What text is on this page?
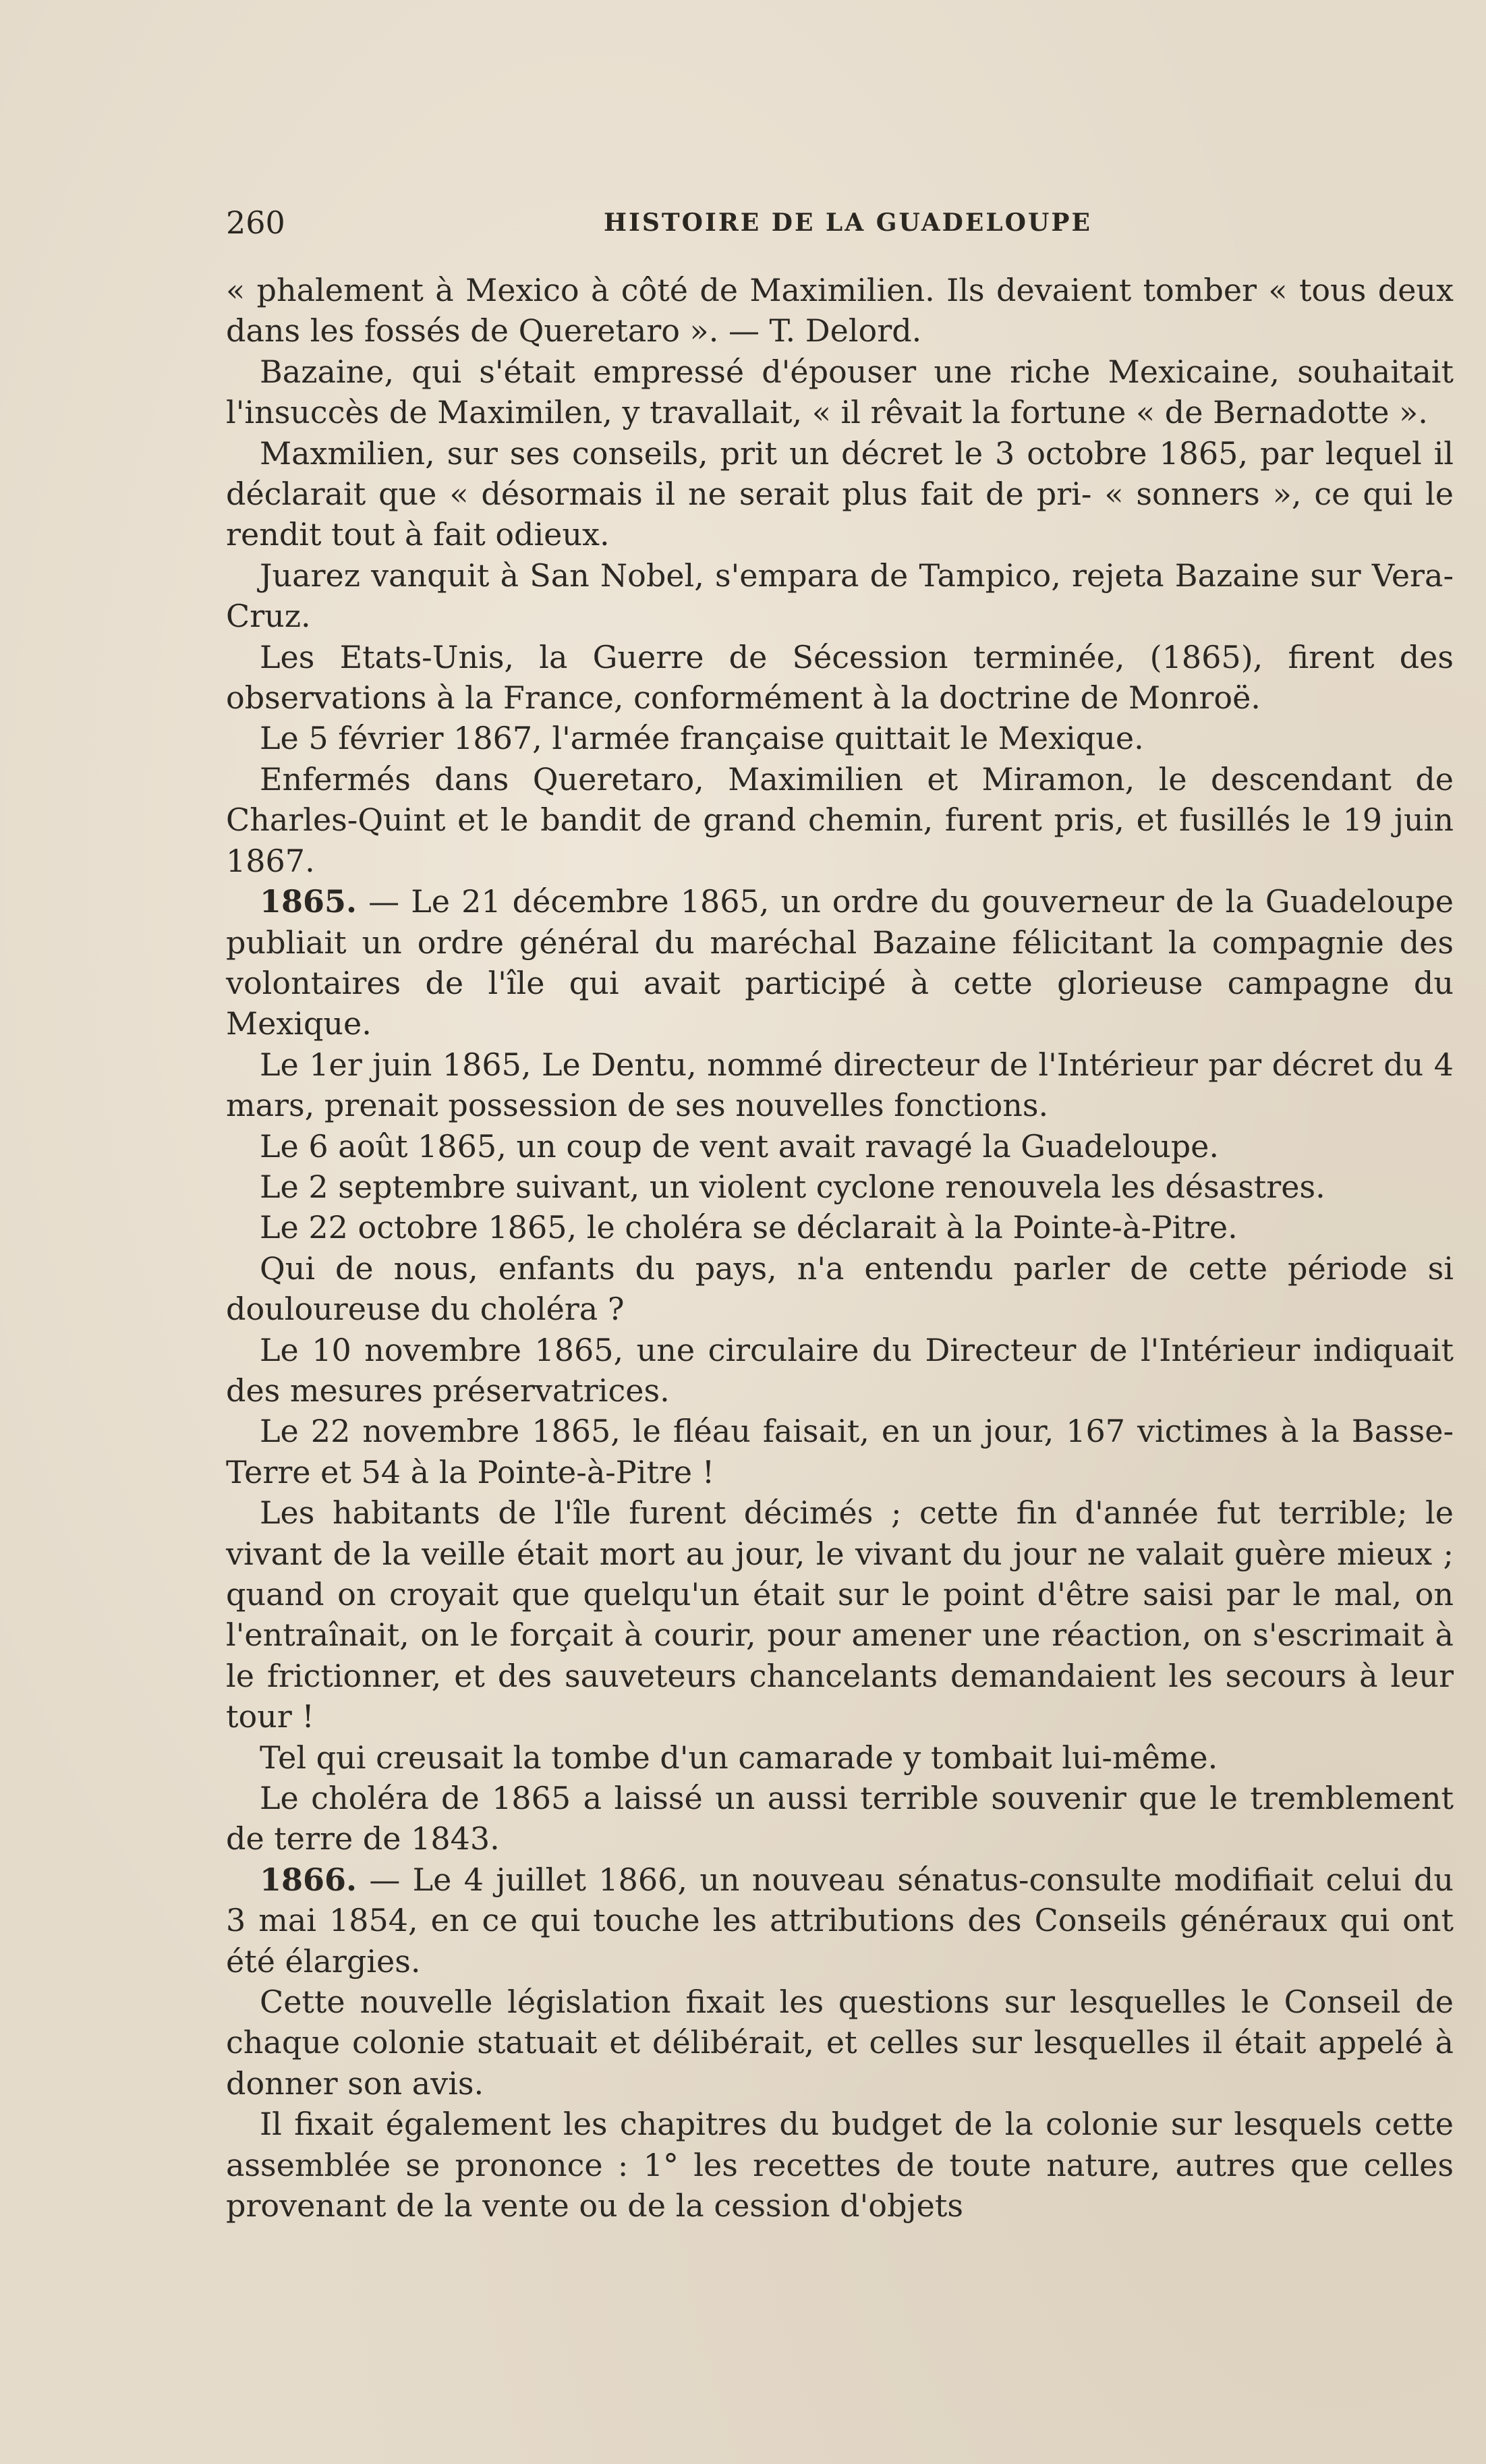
260	HISTOIRE DE LA GUADELOUPE

« phalement à Mexico à côté de Maximilien. Ils devaient tomber « tous deux dans les fossés de Queretaro ». — T. Delord.

Bazaine, qui s'était empressé d'épouser une riche Mexicaine, souhaitait l'insuccès de Maximilen, y travallait, « il rêvait la fortune « de Bernadotte ».

Maxmilien, sur ses conseils, prit un décret le 3 octobre 1865, par lequel il déclarait que « désormais il ne serait plus fait de pri- « sonners », ce qui le rendit tout à fait odieux.

Juarez vanquit à San Nobel, s'empara de Tampico, rejeta Bazaine sur Vera-Cruz.

Les Etats-Unis, la Guerre de Sécession terminée, (1865), firent des observations à la France, conformément à la doctrine de Monroë.

Le 5 février 1867, l'armée française quittait le Mexique.

Enfermés dans Queretaro, Maximilien et Miramon, le descendant de Charles-Quint et le bandit de grand chemin, furent pris, et fusillés le 19 juin 1867.

1865. — Le 21 décembre 1865, un ordre du gouverneur de la Guadeloupe publiait un ordre général du maréchal Bazaine félicitant la compagnie des volontaires de l'île qui avait participé à cette glorieuse campagne du Mexique.

Le 1er juin 1865, Le Dentu, nommé directeur de l'Intérieur par décret du 4 mars, prenait possession de ses nouvelles fonctions.

Le 6 août 1865, un coup de vent avait ravagé la Guadeloupe.

Le 2 septembre suivant, un violent cyclone renouvela les désastres.

Le 22 octobre 1865, le choléra se déclarait à la Pointe-à-Pitre.

Qui de nous, enfants du pays, n'a entendu parler de cette période si douloureuse du choléra ?

Le 10 novembre 1865, une circulaire du Directeur de l'Intérieur indiquait des mesures préservatrices.

Le 22 novembre 1865, le fléau faisait, en un jour, 167 victimes à la Basse-Terre et 54 à la Pointe-à-Pitre !

Les habitants de l'île furent décimés ; cette fin d'année fut terrible; le vivant de la veille était mort au jour, le vivant du jour ne valait guère mieux ; quand on croyait que quelqu'un était sur le point d'être saisi par le mal, on l'entraînait, on le forçait à courir, pour amener une réaction, on s'escrimait à le frictionner, et des sauveteurs chancelants demandaient les secours à leur tour !

Tel qui creusait la tombe d'un camarade y tombait lui-même.

Le choléra de 1865 a laissé un aussi terrible souvenir que le tremblement de terre de 1843.

1866. — Le 4 juillet 1866, un nouveau sénatus-consulte modifiait celui du 3 mai 1854, en ce qui touche les attributions des Conseils généraux qui ont été élargies.

Cette nouvelle législation fixait les questions sur lesquelles le Conseil de chaque colonie statuait et délibérait, et celles sur lesquelles il était appelé à donner son avis.

Il fixait également les chapitres du budget de la colonie sur lesquels cette assemblée se prononce : 1° les recettes de toute nature, autres que celles provenant de la vente ou de la cession d'objets
